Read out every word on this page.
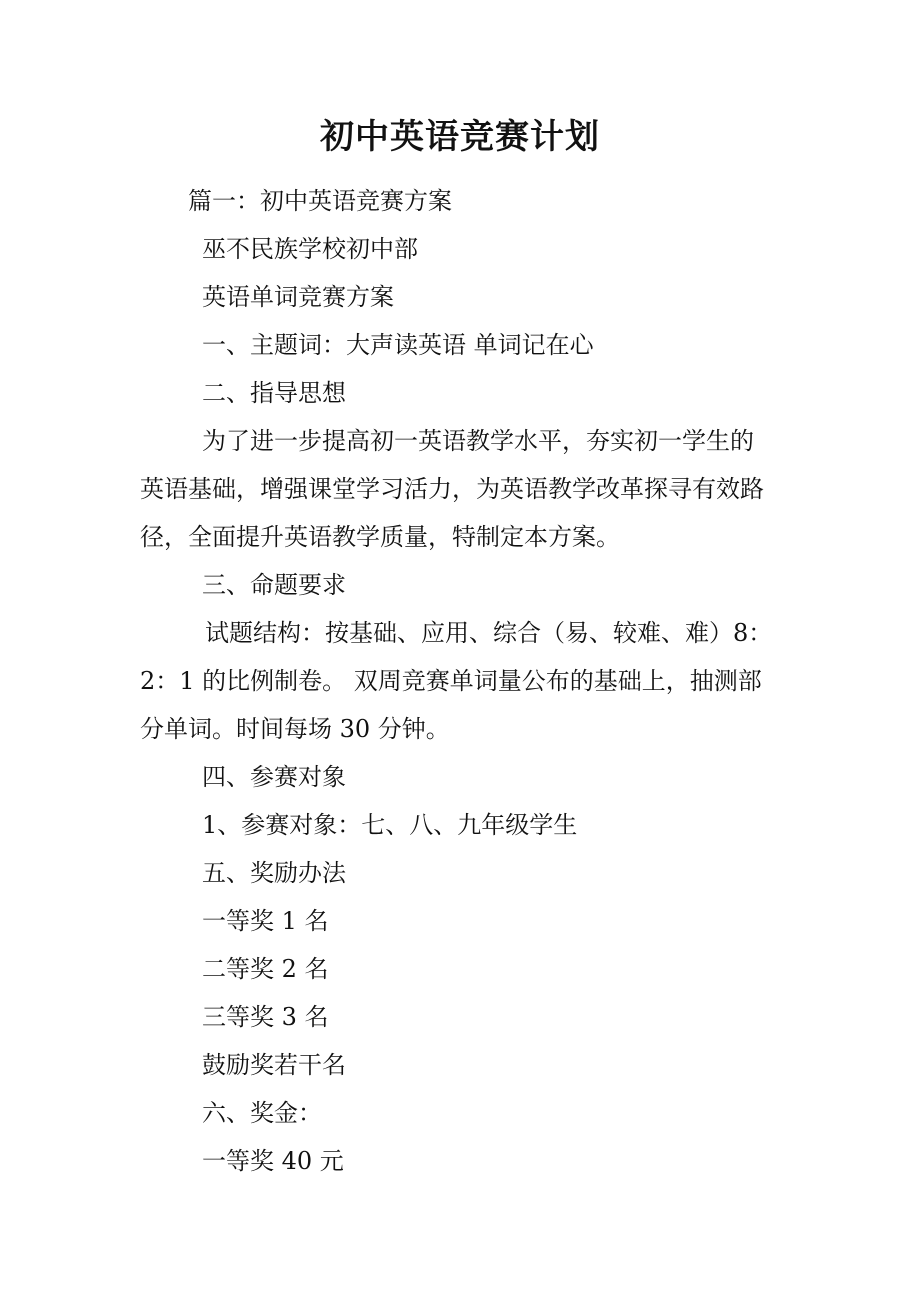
初中英语竞赛计划

篇一：初中英语竞赛方案

巫不民族学校初中部

英语单词竞赛方案

一、主题词：大声读英语 单词记在心

二、指导思想

为了进一步提高初一英语教学水平，夯实初一学生的

英语基础，增强课堂学习活力，为英语教学改革探寻有效路

径，全面提升英语教学质量，特制定本方案。

三、命题要求

试题结构：按基础、应用、综合（易、较难、难）8：

2：1 的比例制卷。 双周竞赛单词量公布的基础上，抽测部

分单词。时间每场 30 分钟。

四、参赛对象

1、参赛对象：七、八、九年级学生

五、奖励办法

一等奖 1 名

二等奖 2 名

三等奖 3 名

鼓励奖若干名

六、奖金：

一等奖 40 元
